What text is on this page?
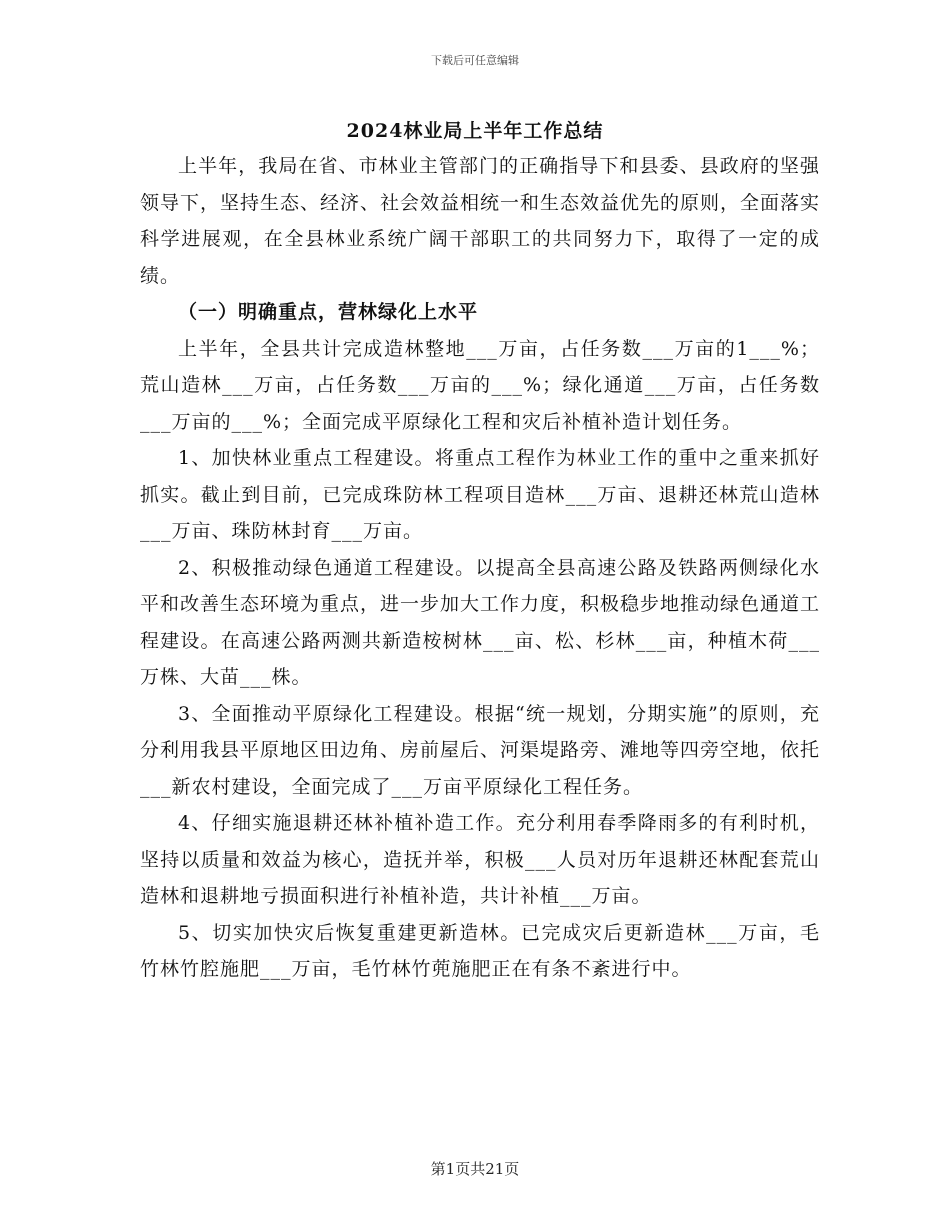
下载后可任意编辑
2024林业局上半年工作总结

上半年，我局在省、市林业主管部门的正确指导下和县委、县政府的坚强领导下，坚持生态、经济、社会效益相统一和生态效益优先的原则，全面落实科学进展观，在全县林业系统广阔干部职工的共同努力下，取得了一定的成绩。

（一）明确重点，营林绿化上水平

上半年，全县共计完成造林整地___万亩，占任务数___万亩的1___%；荒山造林___万亩，占任务数___万亩的___%；绿化通道___万亩，占任务数___万亩的___%；全面完成平原绿化工程和灾后补植补造计划任务。

1、加快林业重点工程建设。将重点工程作为林业工作的重中之重来抓好抓实。截止到目前，已完成珠防林工程项目造林___万亩、退耕还林荒山造林___万亩、珠防林封育___万亩。

2、积极推动绿色通道工程建设。以提高全县高速公路及铁路两侧绿化水平和改善生态环境为重点，进一步加大工作力度，积极稳步地推动绿色通道工程建设。在高速公路两测共新造桉树林___亩、松、杉林___亩，种植木荷___万株、大苗___株。

3、全面推动平原绿化工程建设。根据“统一规划，分期实施”的原则，充分利用我县平原地区田边角、房前屋后、河渠堤路旁、滩地等四旁空地，依托___新农村建设，全面完成了___万亩平原绿化工程任务。

4、仔细实施退耕还林补植补造工作。充分利用春季降雨多的有利时机，坚持以质量和效益为核心，造抚并举，积极___人员对历年退耕还林配套荒山造林和退耕地亏损面积进行补植补造，共计补植___万亩。

5、切实加快灾后恢复重建更新造林。已完成灾后更新造林___万亩，毛竹林竹腔施肥___万亩，毛竹林竹蔸施肥正在有条不紊进行中。

第1页共21页
